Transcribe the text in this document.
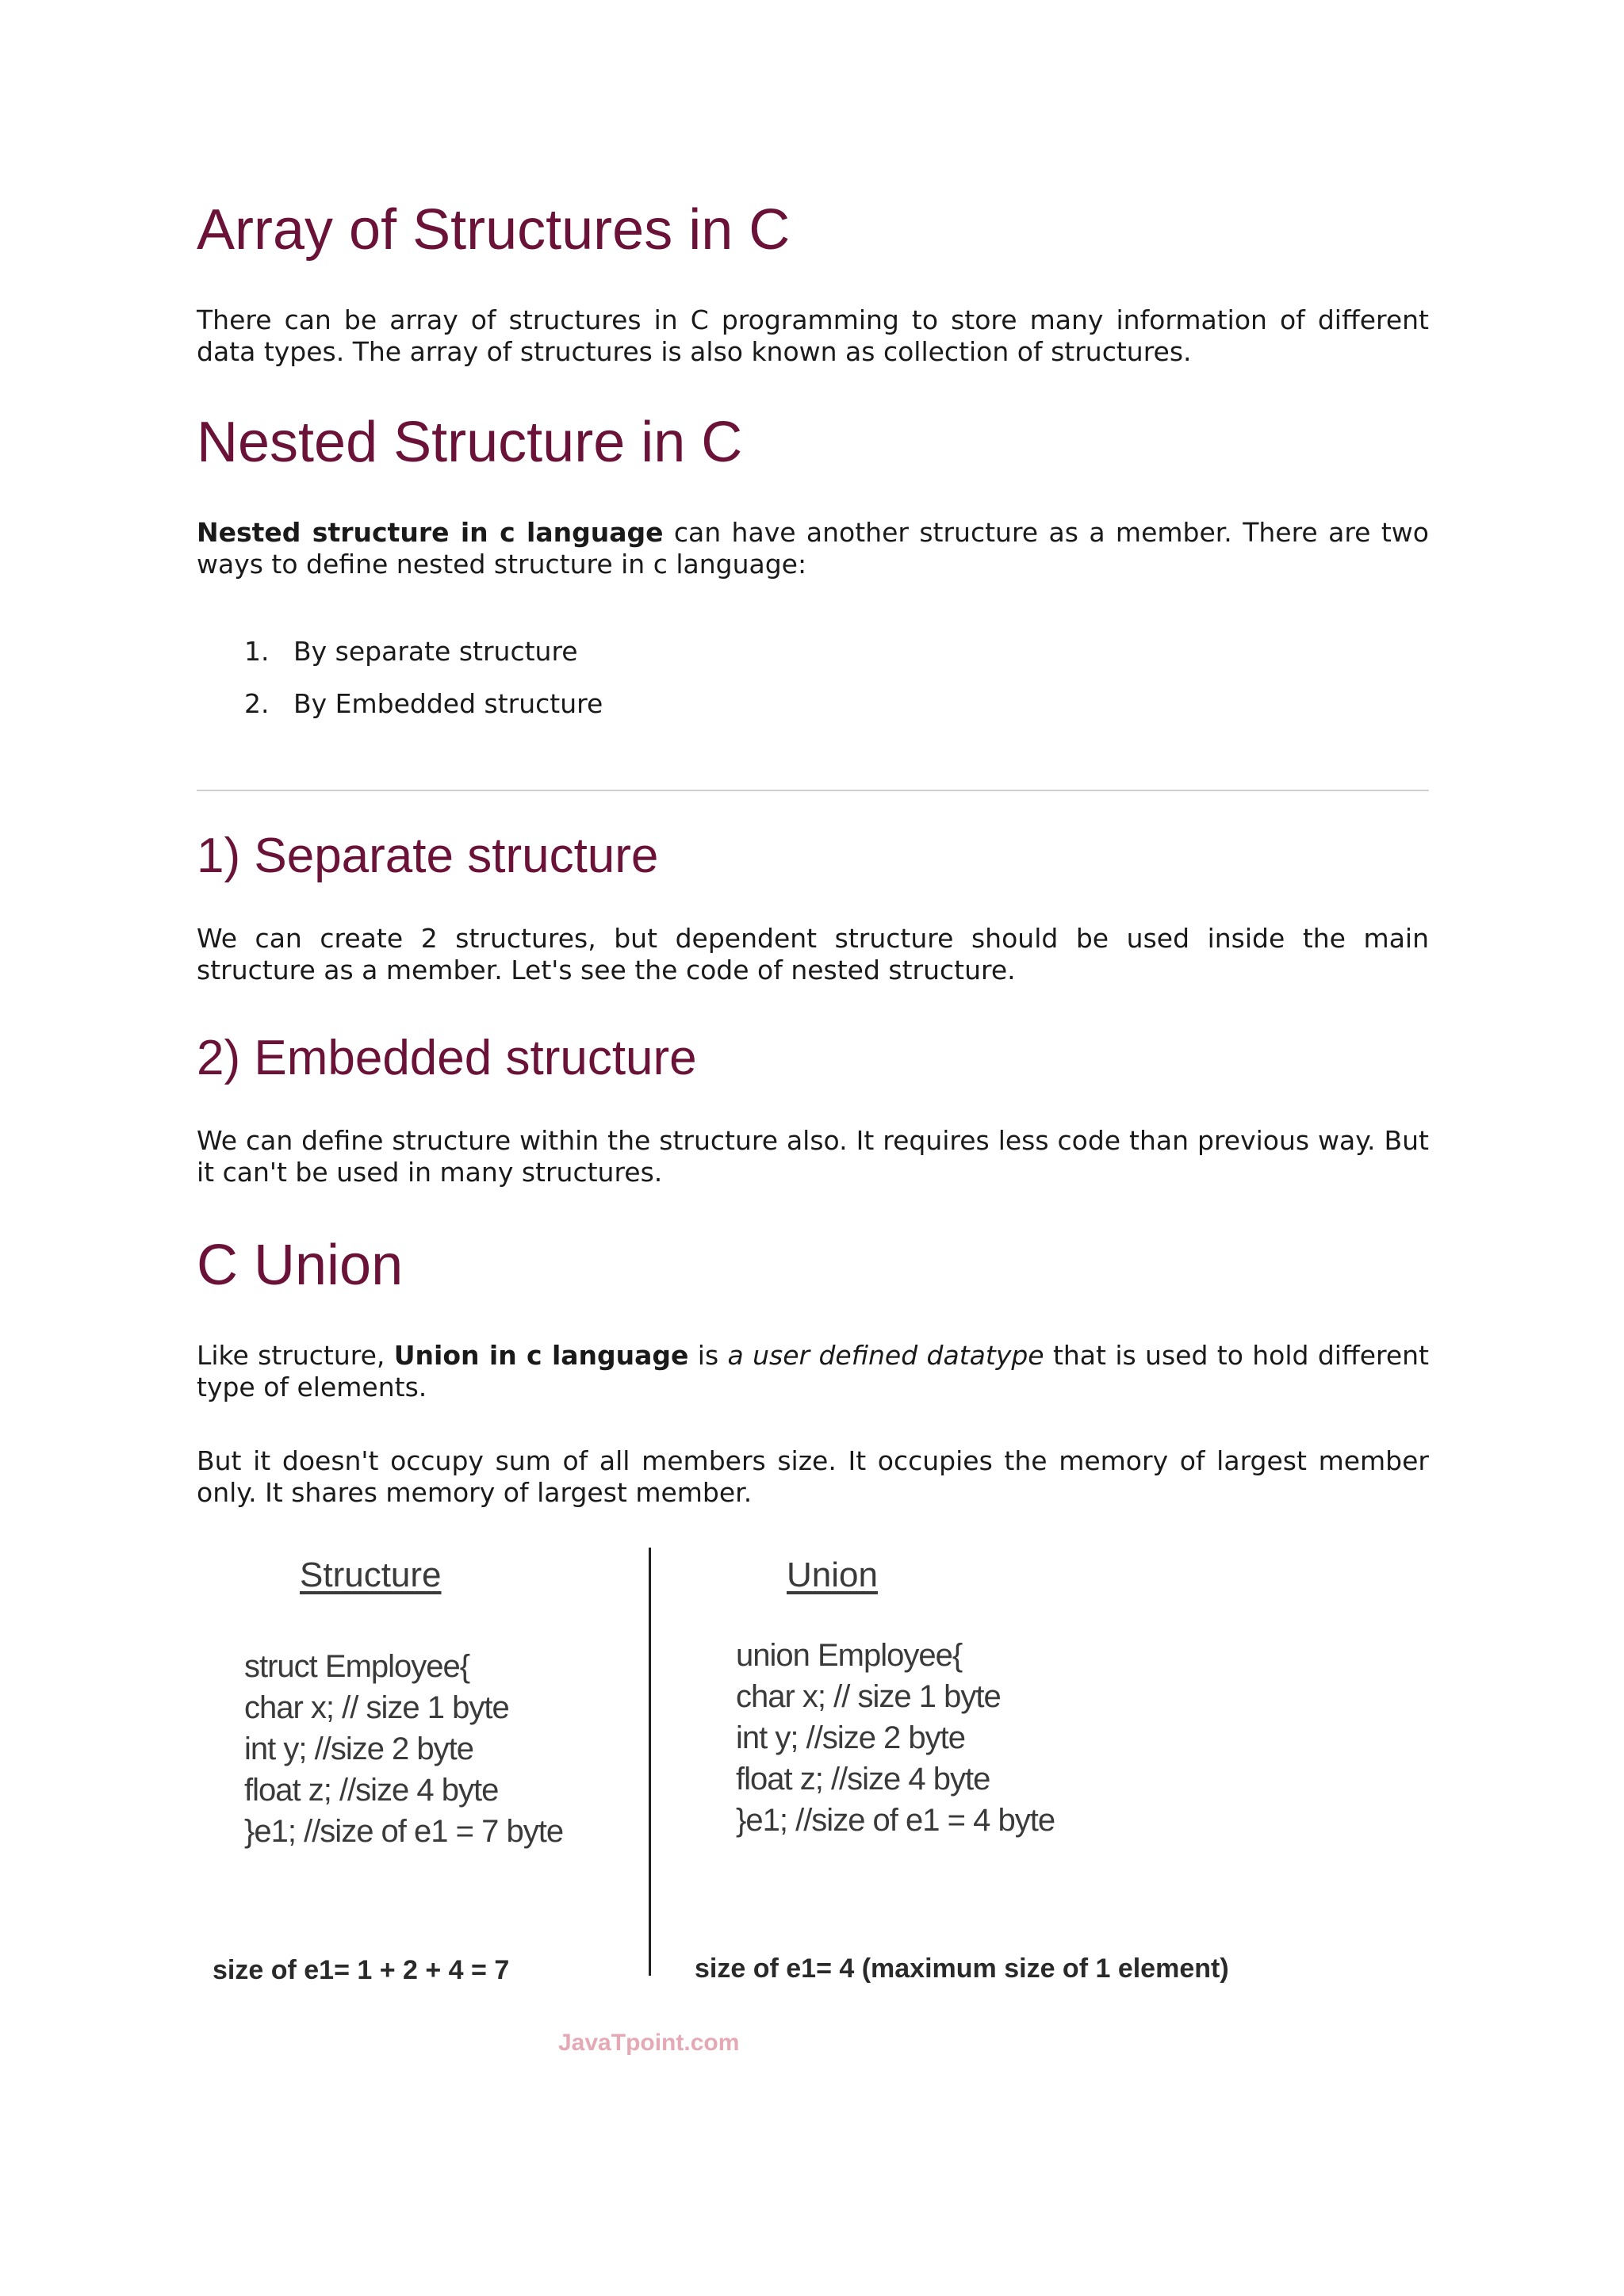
Array of Structures in C

There can be array of structures in C programming to store many information of different data types. The array of structures is also known as collection of structures.

Nested Structure in C

Nested structure in c language can have another structure as a member. There are two ways to define nested structure in c language:

1. By separate structure
2. By Embedded structure
1) Separate structure

We can create 2 structures, but dependent structure should be used inside the main structure as a member. Let's see the code of nested structure.

2) Embedded structure

We can define structure within the structure also. It requires less code than previous way. But it can't be used in many structures.

C Union

Like structure, Union in c language is a user defined datatype that is used to hold different type of elements.

But it doesn't occupy sum of all members size. It occupies the memory of largest member only. It shares memory of largest member.

Structure	Union
struct Employee{
char x; // size 1 byte
int y; //size 2 byte
float z; //size 4 byte
}e1; //size of e1 = 7 byte
union Employee{
char x; // size 1 byte
int y; //size 2 byte
float z; //size 4 byte
}e1; //size of e1 = 4 byte
size of e1= 1 + 2 + 4 = 7	size of e1= 4 (maximum size of 1 element)
JavaTpoint.com
